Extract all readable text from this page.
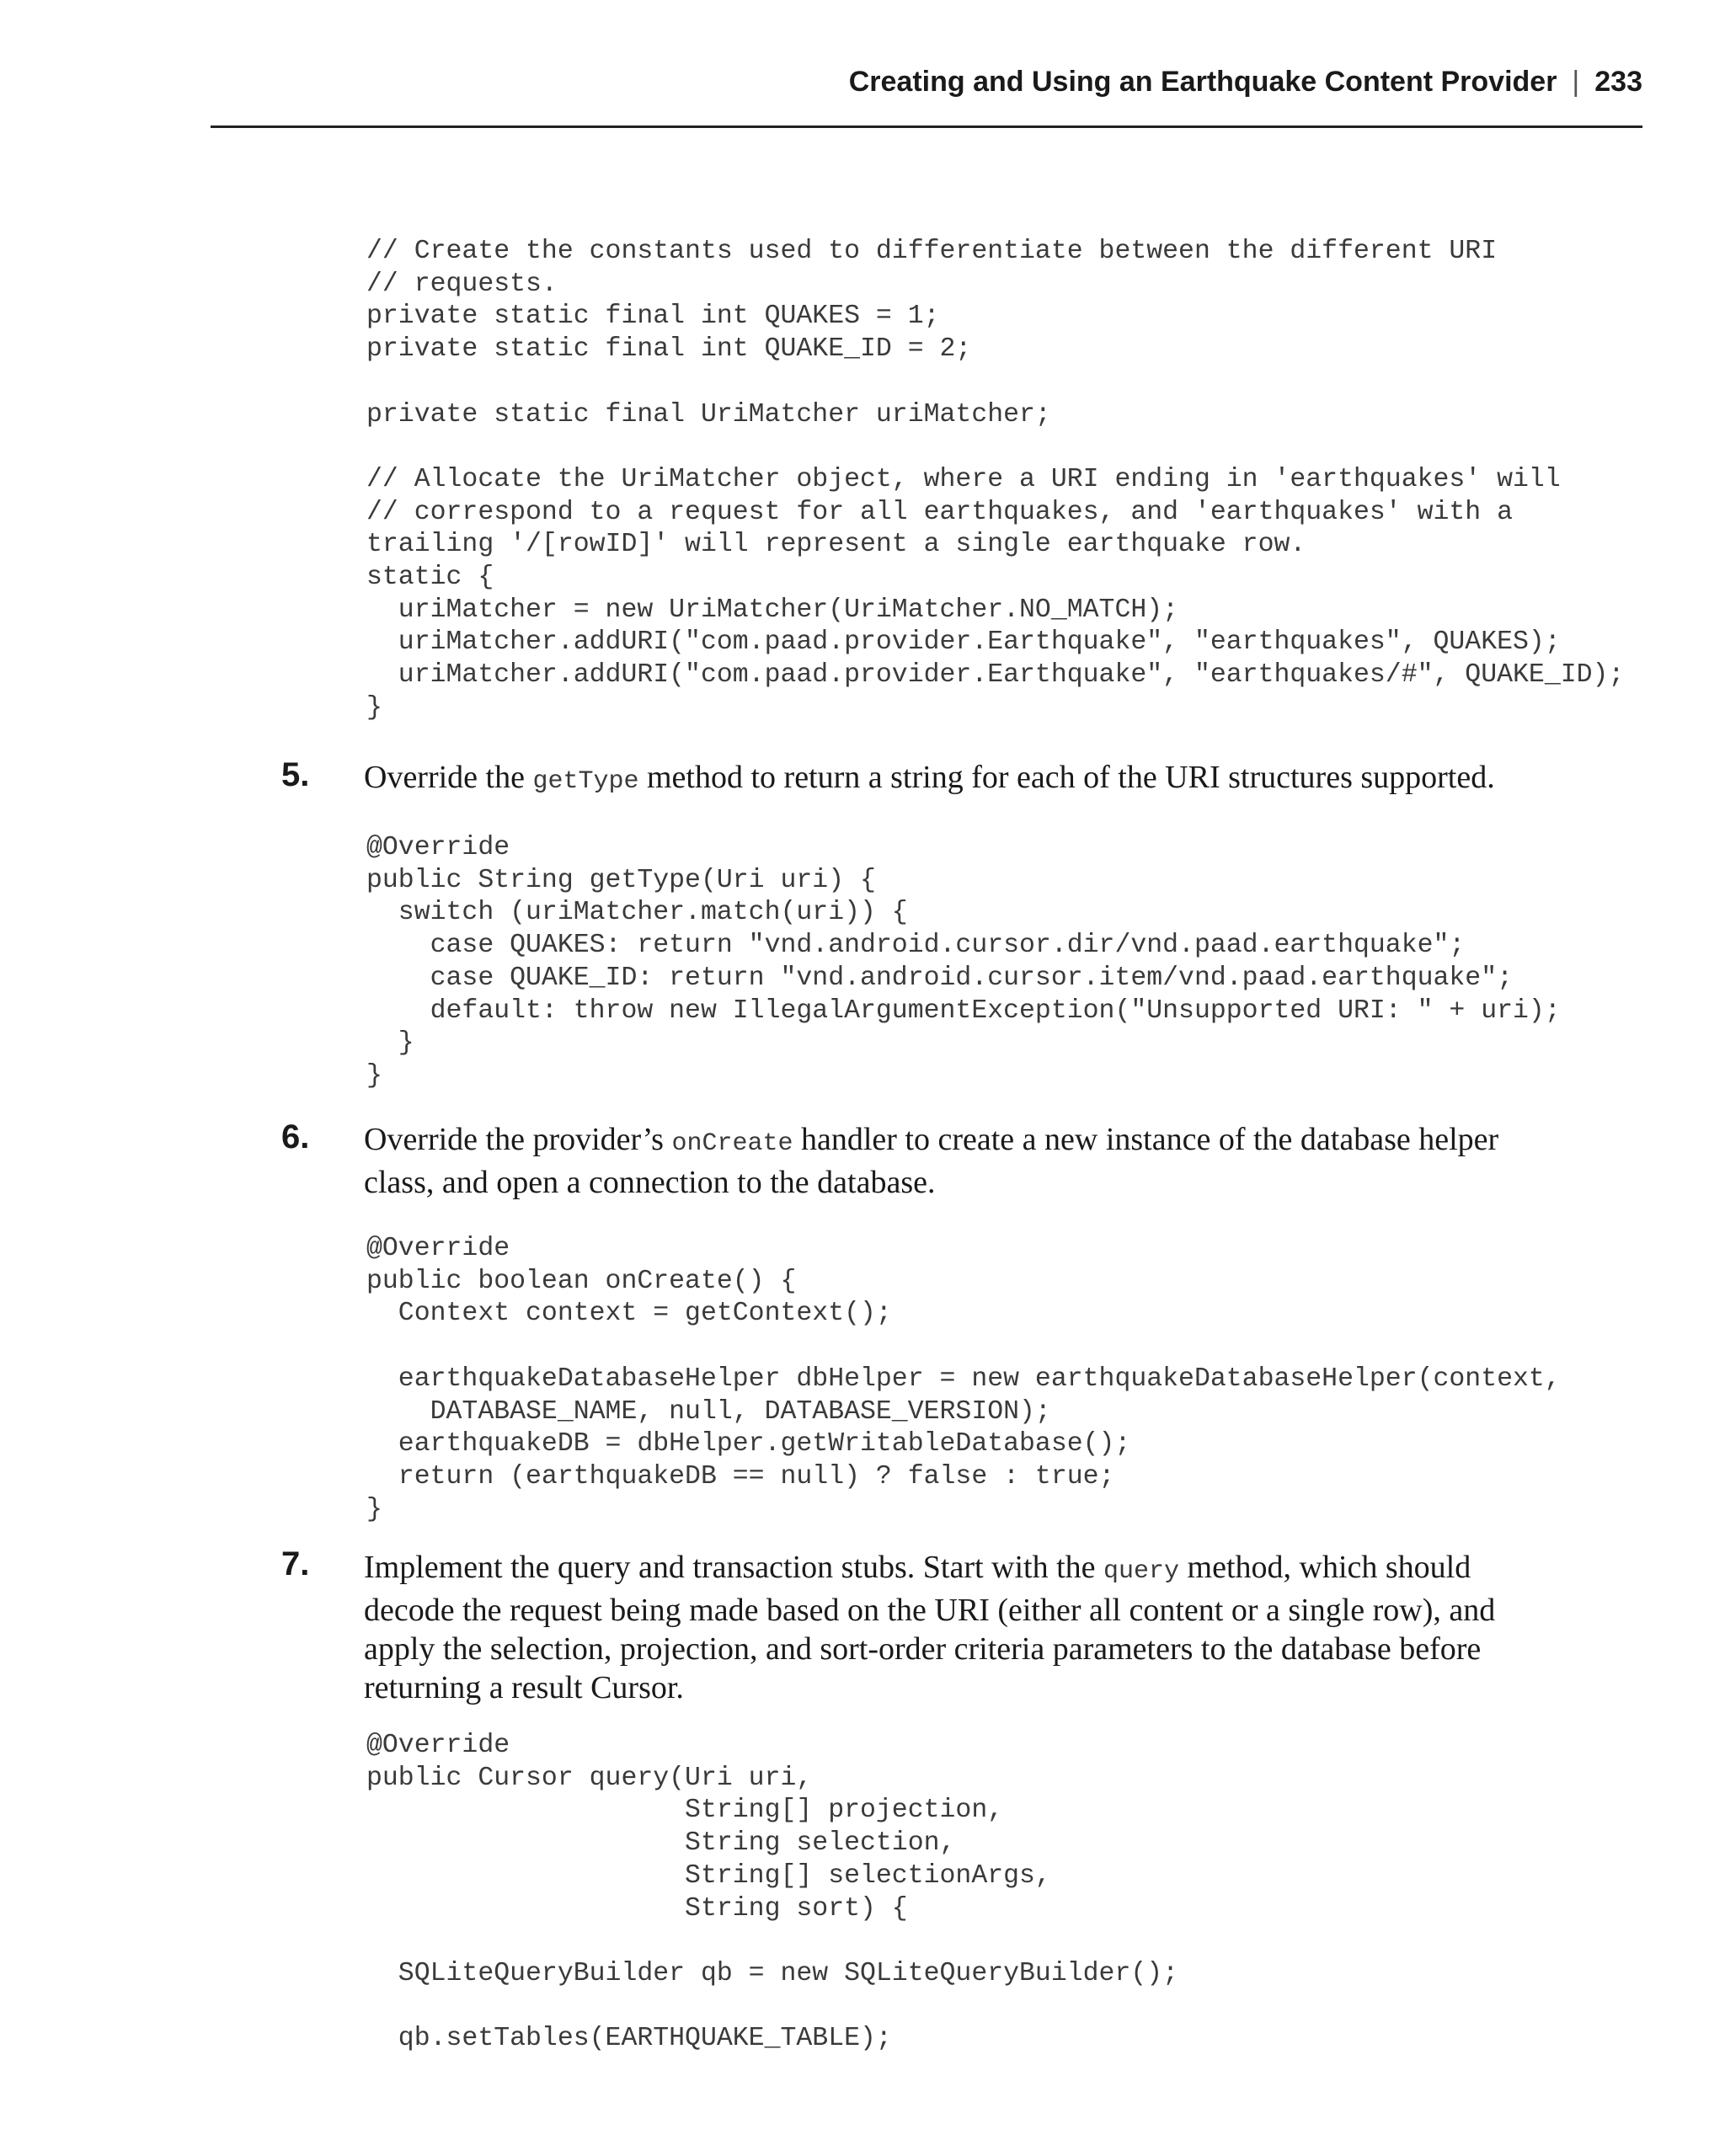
Creating and Using an Earthquake Content Provider | 233
// Create the constants used to differentiate between the different URI
// requests.
private static final int QUAKES = 1;
private static final int QUAKE_ID = 2;

private static final UriMatcher uriMatcher;

// Allocate the UriMatcher object, where a URI ending in 'earthquakes' will
// correspond to a request for all earthquakes, and 'earthquakes' with a
trailing '/[rowID]' will represent a single earthquake row.
static {
uriMatcher = new UriMatcher(UriMatcher.NO_MATCH);
uriMatcher.addURI("com.paad.provider.Earthquake", "earthquakes", QUAKES);
uriMatcher.addURI("com.paad.provider.Earthquake", "earthquakes/#", QUAKE_ID);
}
5. Override the getType method to return a string for each of the URI structures supported.

@Override
public String getType(Uri uri) {
switch (uriMatcher.match(uri)) {
case QUAKES: return "vnd.android.cursor.dir/vnd.paad.earthquake";
case QUAKE_ID: return "vnd.android.cursor.item/vnd.paad.earthquake";
default: throw new IllegalArgumentException("Unsupported URI: " + uri);
}
}
6. Override the provider’s onCreate handler to create a new instance of the database helper class, and open a connection to the database.

@Override
public boolean onCreate() {
Context context = getContext();

earthquakeDatabaseHelper dbHelper = new earthquakeDatabaseHelper(context,
DATABASE_NAME, null, DATABASE_VERSION);
earthquakeDB = dbHelper.getWritableDatabase();
return (earthquakeDB == null) ? false : true;
}
7. Implement the query and transaction stubs. Start with the query method, which should decode the request being made based on the URI (either all content or a single row), and apply the selection, projection, and sort-order criteria parameters to the database before returning a result Cursor.

@Override
public Cursor query(Uri uri,
String[] projection,
String selection,
String[] selectionArgs,
String sort) {

SQLiteQueryBuilder qb = new SQLiteQueryBuilder();

qb.setTables(EARTHQUAKE_TABLE);
